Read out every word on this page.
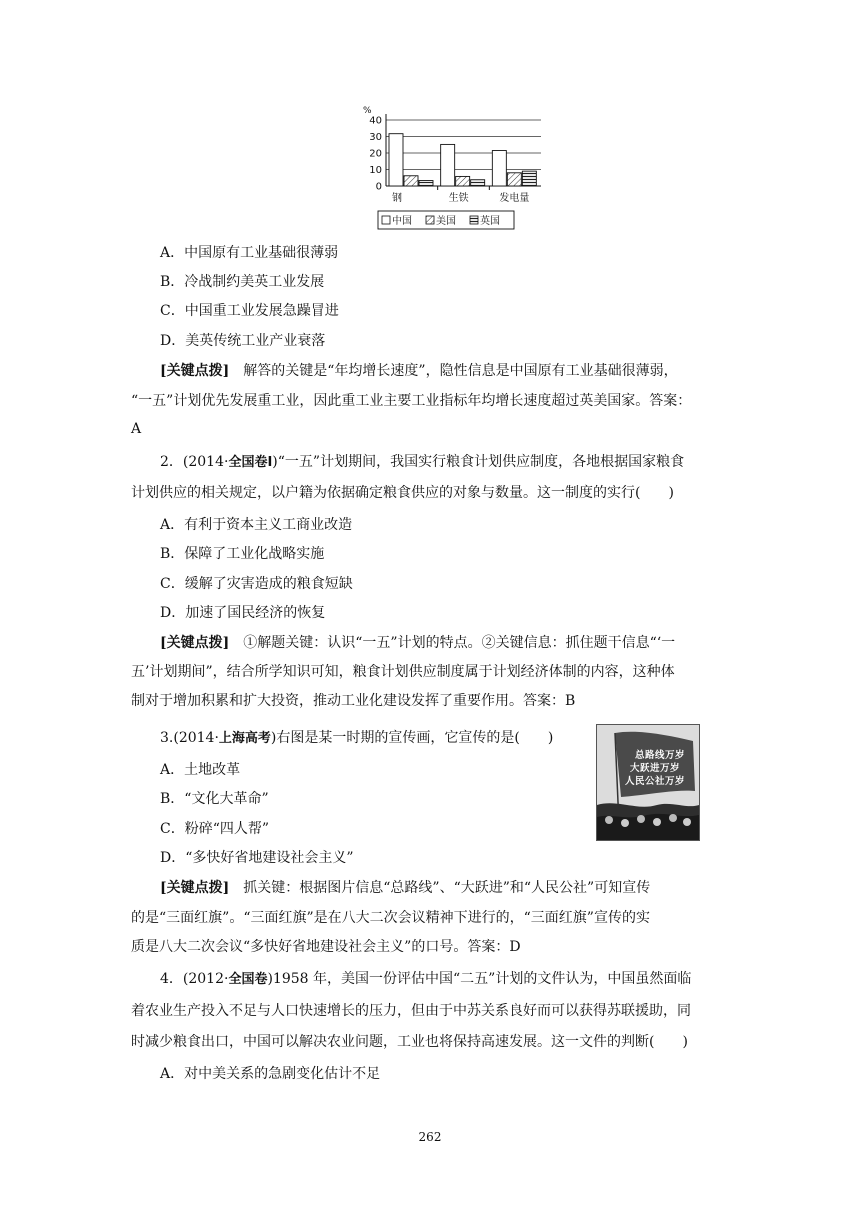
%
40
30
20
10
0
钢	生铁	发电量
中国 美国 英国
A．中国原有工业基础很薄弱
B．冷战制约美英工业发展
C．中国重工业发展急躁冒进
D．美英传统工业产业衰落
[关键点拨] 解答的关键是“年均增长速度”，隐性信息是中国原有工业基础很薄弱，
“一五”计划优先发展重工业，因此重工业主要工业指标年均增长速度超过英美国家。答案：
A
2．(2014·全国卷Ⅰ)“一五”计划期间，我国实行粮食计划供应制度，各地根据国家粮食
计划供应的相关规定，以户籍为依据确定粮食供应的对象与数量。这一制度的实行(　　)
A．有利于资本主义工商业改造
B．保障了工业化战略实施
C．缓解了灾害造成的粮食短缺
D．加速了国民经济的恢复
[关键点拨] ①解题关键：认识“一五”计划的特点。②关键信息：抓住题干信息“‘一
五’计划期间”，结合所学知识可知，粮食计划供应制度属于计划经济体制的内容，这种体
制对于增加积累和扩大投资，推动工业化建设发挥了重要作用。答案：B
3.(2014·上海高考)右图是某一时期的宣传画，它宣传的是(　　)
A．土地改革
B．“文化大革命”
C．粉碎“四人帮”
D．“多快好省地建设社会主义”
总路线万岁
大跃进万岁
人民公社万岁
[关键点拨] 抓关键：根据图片信息“总路线”、“大跃进”和“人民公社”可知宣传
的是“三面红旗”。“三面红旗”是在八大二次会议精神下进行的，“三面红旗”宣传的实
质是八大二次会议“多快好省地建设社会主义”的口号。答案：D
4．(2012·全国卷)1958 年，美国一份评估中国“二五”计划的文件认为，中国虽然面临
着农业生产投入不足与人口快速增长的压力，但由于中苏关系良好而可以获得苏联援助，同
时减少粮食出口，中国可以解决农业问题，工业也将保持高速发展。这一文件的判断(　　)
A．对中美关系的急剧变化估计不足
262
